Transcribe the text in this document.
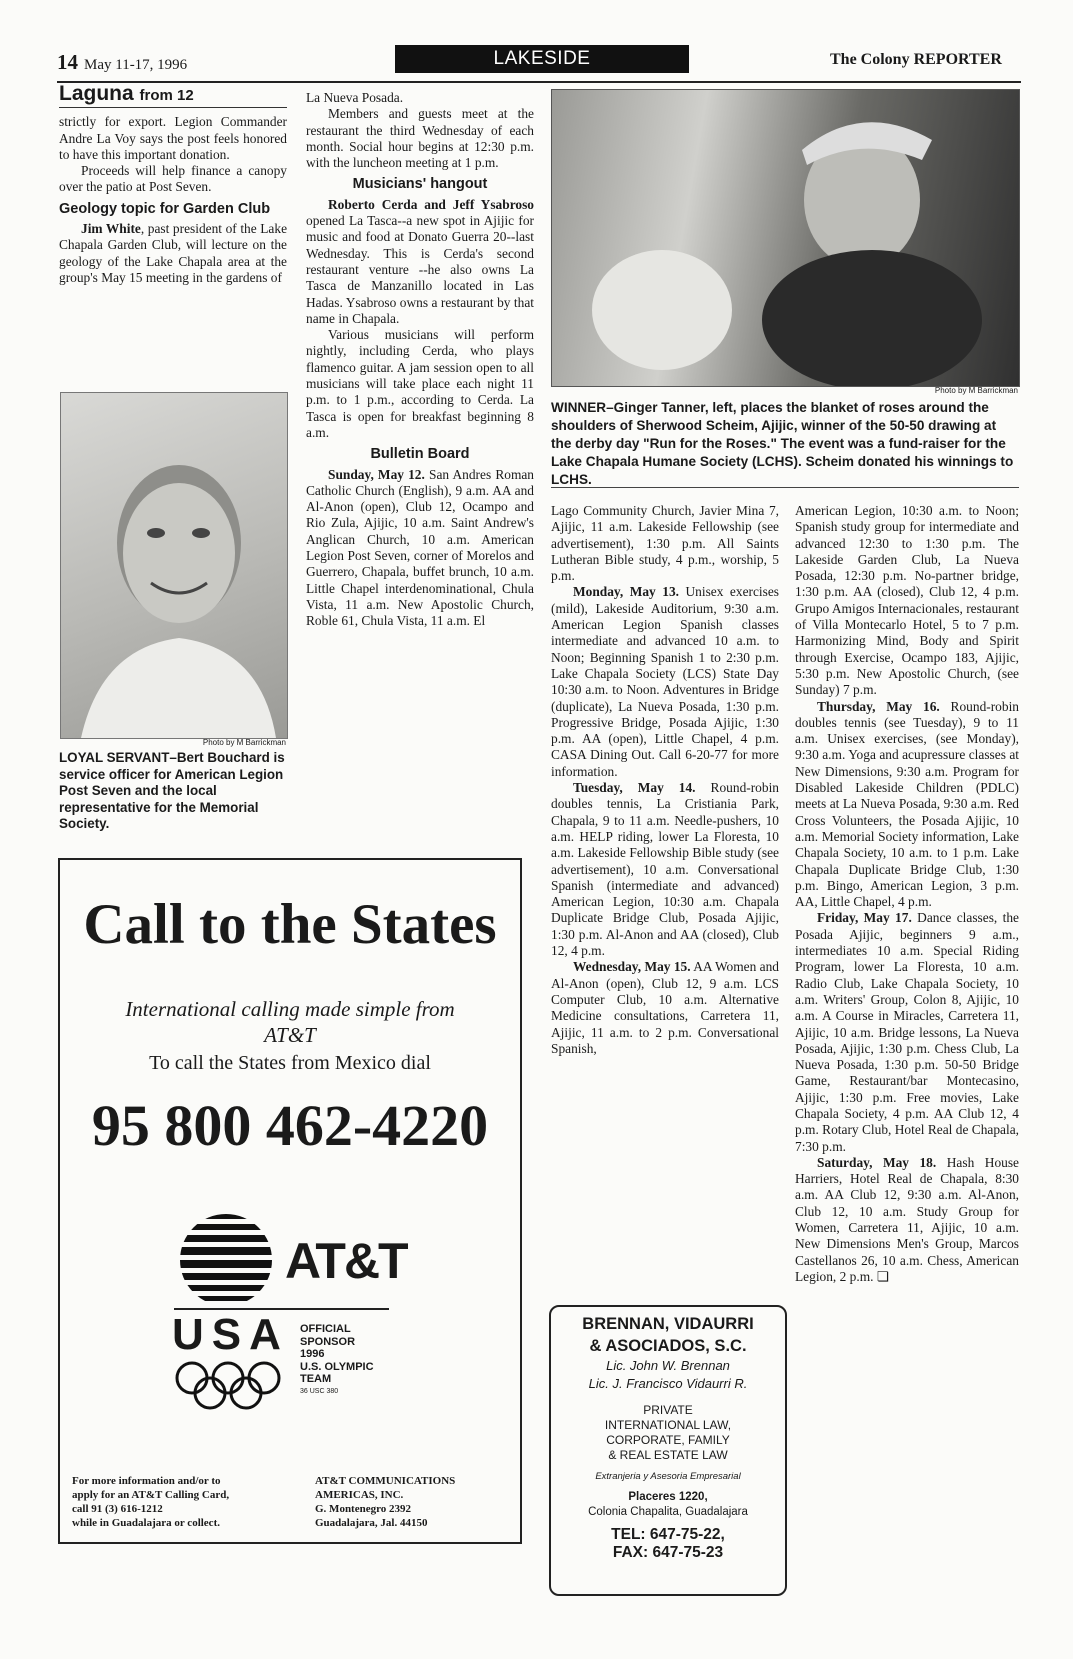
14 May 11-17, 1996	LAKESIDE	The Colony REPORTER
Laguna from 12

strictly for export. Legion Commander Andre La Voy says the post feels honored to have this important donation.

Proceeds will help finance a canopy over the patio at Post Seven.

Geology topic for Garden Club

Jim White, past president of the Lake Chapala Garden Club, will lecture on the geology of the Lake Chapala area at the group's May 15 meeting in the gardens of

Photo by M Barrickman
LOYAL SERVANT–Bert Bouchard is service officer for American Legion Post Seven and the local representative for the Memorial Society.

La Nueva Posada.

Members and guests meet at the restaurant the third Wednesday of each month. Social hour begins at 12:30 p.m. with the luncheon meeting at 1 p.m.

Musicians' hangout

Roberto Cerda and Jeff Ysabroso opened La Tasca--a new spot in Ajijic for music and food at Donato Guerra 20--last Wednesday. This is Cerda's second restaurant venture --he also owns La Tasca de Manzanillo located in Las Hadas. Ysabroso owns a restaurant by that name in Chapala.

Various musicians will perform nightly, including Cerda, who plays flamenco guitar. A jam session open to all musicians will take place each night 11 p.m. to 1 p.m., according to Cerda. La Tasca is open for breakfast beginning 8 a.m.

Bulletin Board

Sunday, May 12. San Andres Roman Catholic Church (English), 9 a.m. AA and Al-Anon (open), Club 12, Ocampo and Rio Zula, Ajijic, 10 a.m. Saint Andrew's Anglican Church, 10 a.m. American Legion Post Seven, corner of Morelos and Guerrero, Chapala, buffet brunch, 10 a.m. Little Chapel interdenominational, Chula Vista, 11 a.m. New Apostolic Church, Roble 61, Chula Vista, 11 a.m. El

Photo by M Barrickman
WINNER–Ginger Tanner, left, places the blanket of roses around the shoulders of Sherwood Scheim, Ajijic, winner of the 50-50 drawing at the derby day "Run for the Roses." The event was a fund-raiser for the Lake Chapala Humane Society (LCHS). Scheim donated his winnings to LCHS.

Lago Community Church, Javier Mina 7, Ajijic, 11 a.m. Lakeside Fellowship (see advertisement), 1:30 p.m. All Saints Lutheran Bible study, 4 p.m., worship, 5 p.m.

Monday, May 13. Unisex exercises (mild), Lakeside Auditorium, 9:30 a.m. American Legion Spanish classes intermediate and advanced 10 a.m. to Noon; Beginning Spanish 1 to 2:30 p.m. Lake Chapala Society (LCS) State Day 10:30 a.m. to Noon. Adventures in Bridge (duplicate), La Nueva Posada, 1:30 p.m. Progressive Bridge, Posada Ajijic, 1:30 p.m. AA (open), Little Chapel, 4 p.m. CASA Dining Out. Call 6-20-77 for more information.

Tuesday, May 14. Round-robin doubles tennis, La Cristiania Park, Chapala, 9 to 11 a.m. Needle-pushers, 10 a.m. HELP riding, lower La Floresta, 10 a.m. Lakeside Fellowship Bible study (see advertisement), 10 a.m. Conversational Spanish (intermediate and advanced) American Legion, 10:30 a.m. Chapala Duplicate Bridge Club, Posada Ajijic, 1:30 p.m. Al-Anon and AA (closed), Club 12, 4 p.m.

Wednesday, May 15. AA Women and Al-Anon (open), Club 12, 9 a.m. LCS Computer Club, 10 a.m. Alternative Medicine consultations, Carretera 11, Ajijic, 11 a.m. to 2 p.m. Conversational Spanish,

American Legion, 10:30 a.m. to Noon; Spanish study group for intermediate and advanced 12:30 to 1:30 p.m. The Lakeside Garden Club, La Nueva Posada, 12:30 p.m. No-partner bridge, 1:30 p.m. AA (closed), Club 12, 4 p.m. Grupo Amigos Internacionales, restaurant of Villa Montecarlo Hotel, 5 to 7 p.m. Harmonizing Mind, Body and Spirit through Exercise, Ocampo 183, Ajijic, 5:30 p.m. New Apostolic Church, (see Sunday) 7 p.m.

Thursday, May 16. Round-robin doubles tennis (see Tuesday), 9 to 11 a.m. Unisex exercises, (see Monday), 9:30 a.m. Yoga and acupressure classes at New Dimensions, 9:30 a.m. Program for Disabled Lakeside Children (PDLC) meets at La Nueva Posada, 9:30 a.m. Red Cross Volunteers, the Posada Ajijic, 10 a.m. Memorial Society information, Lake Chapala Society, 10 a.m. to 1 p.m. Lake Chapala Duplicate Bridge Club, 1:30 p.m. Bingo, American Legion, 3 p.m. AA, Little Chapel, 4 p.m.

Friday, May 17. Dance classes, the Posada Ajijic, beginners 9 a.m., intermediates 10 a.m. Special Riding Program, lower La Floresta, 10 a.m. Radio Club, Lake Chapala Society, 10 a.m. Writers' Group, Colon 8, Ajijic, 10 a.m. A Course in Miracles, Carretera 11, Ajijic, 10 a.m. Bridge lessons, La Nueva Posada, Ajijic, 1:30 p.m. Chess Club, La Nueva Posada, 1:30 p.m. 50-50 Bridge Game, Restaurant/bar Montecasino, Ajijic, 1:30 p.m. Free movies, Lake Chapala Society, 4 p.m. AA Club 12, 4 p.m. Rotary Club, Hotel Real de Chapala, 7:30 p.m.

Saturday, May 18. Hash House Harriers, Hotel Real de Chapala, 8:30 a.m. AA Club 12, 9:30 a.m. Al-Anon, Club 12, 10 a.m. Study Group for Women, Carretera 11, Ajijic, 10 a.m. New Dimensions Men's Group, Marcos Castellanos 26, 10 a.m. Chess, American Legion, 2 p.m. ❏

Call to the States
International calling made simple from
AT&T
To call the States from Mexico dial
95 800 462-4220
AT&T
USA OFFICIAL
SPONSOR
1996
U.S. OLYMPIC
TEAM
36 USC 380
For more information and/or to
apply for an AT&T Calling Card,
call 91 (3) 616-1212
while in Guadalajara or collect.
AT&T COMMUNICATIONS
AMERICAS, INC.
G. Montenegro 2392
Guadalajara, Jal. 44150
BRENNAN, VIDAURRI
& ASOCIADOS, S.C.
Lic. John W. Brennan
Lic. J. Francisco Vidaurri R.
PRIVATE
INTERNATIONAL LAW,
CORPORATE, FAMILY
& REAL ESTATE LAW
Extranjeria y Asesoria Empresarial
Placeres 1220,
Colonia Chapalita, Guadalajara
TEL: 647-75-22,
FAX: 647-75-23
